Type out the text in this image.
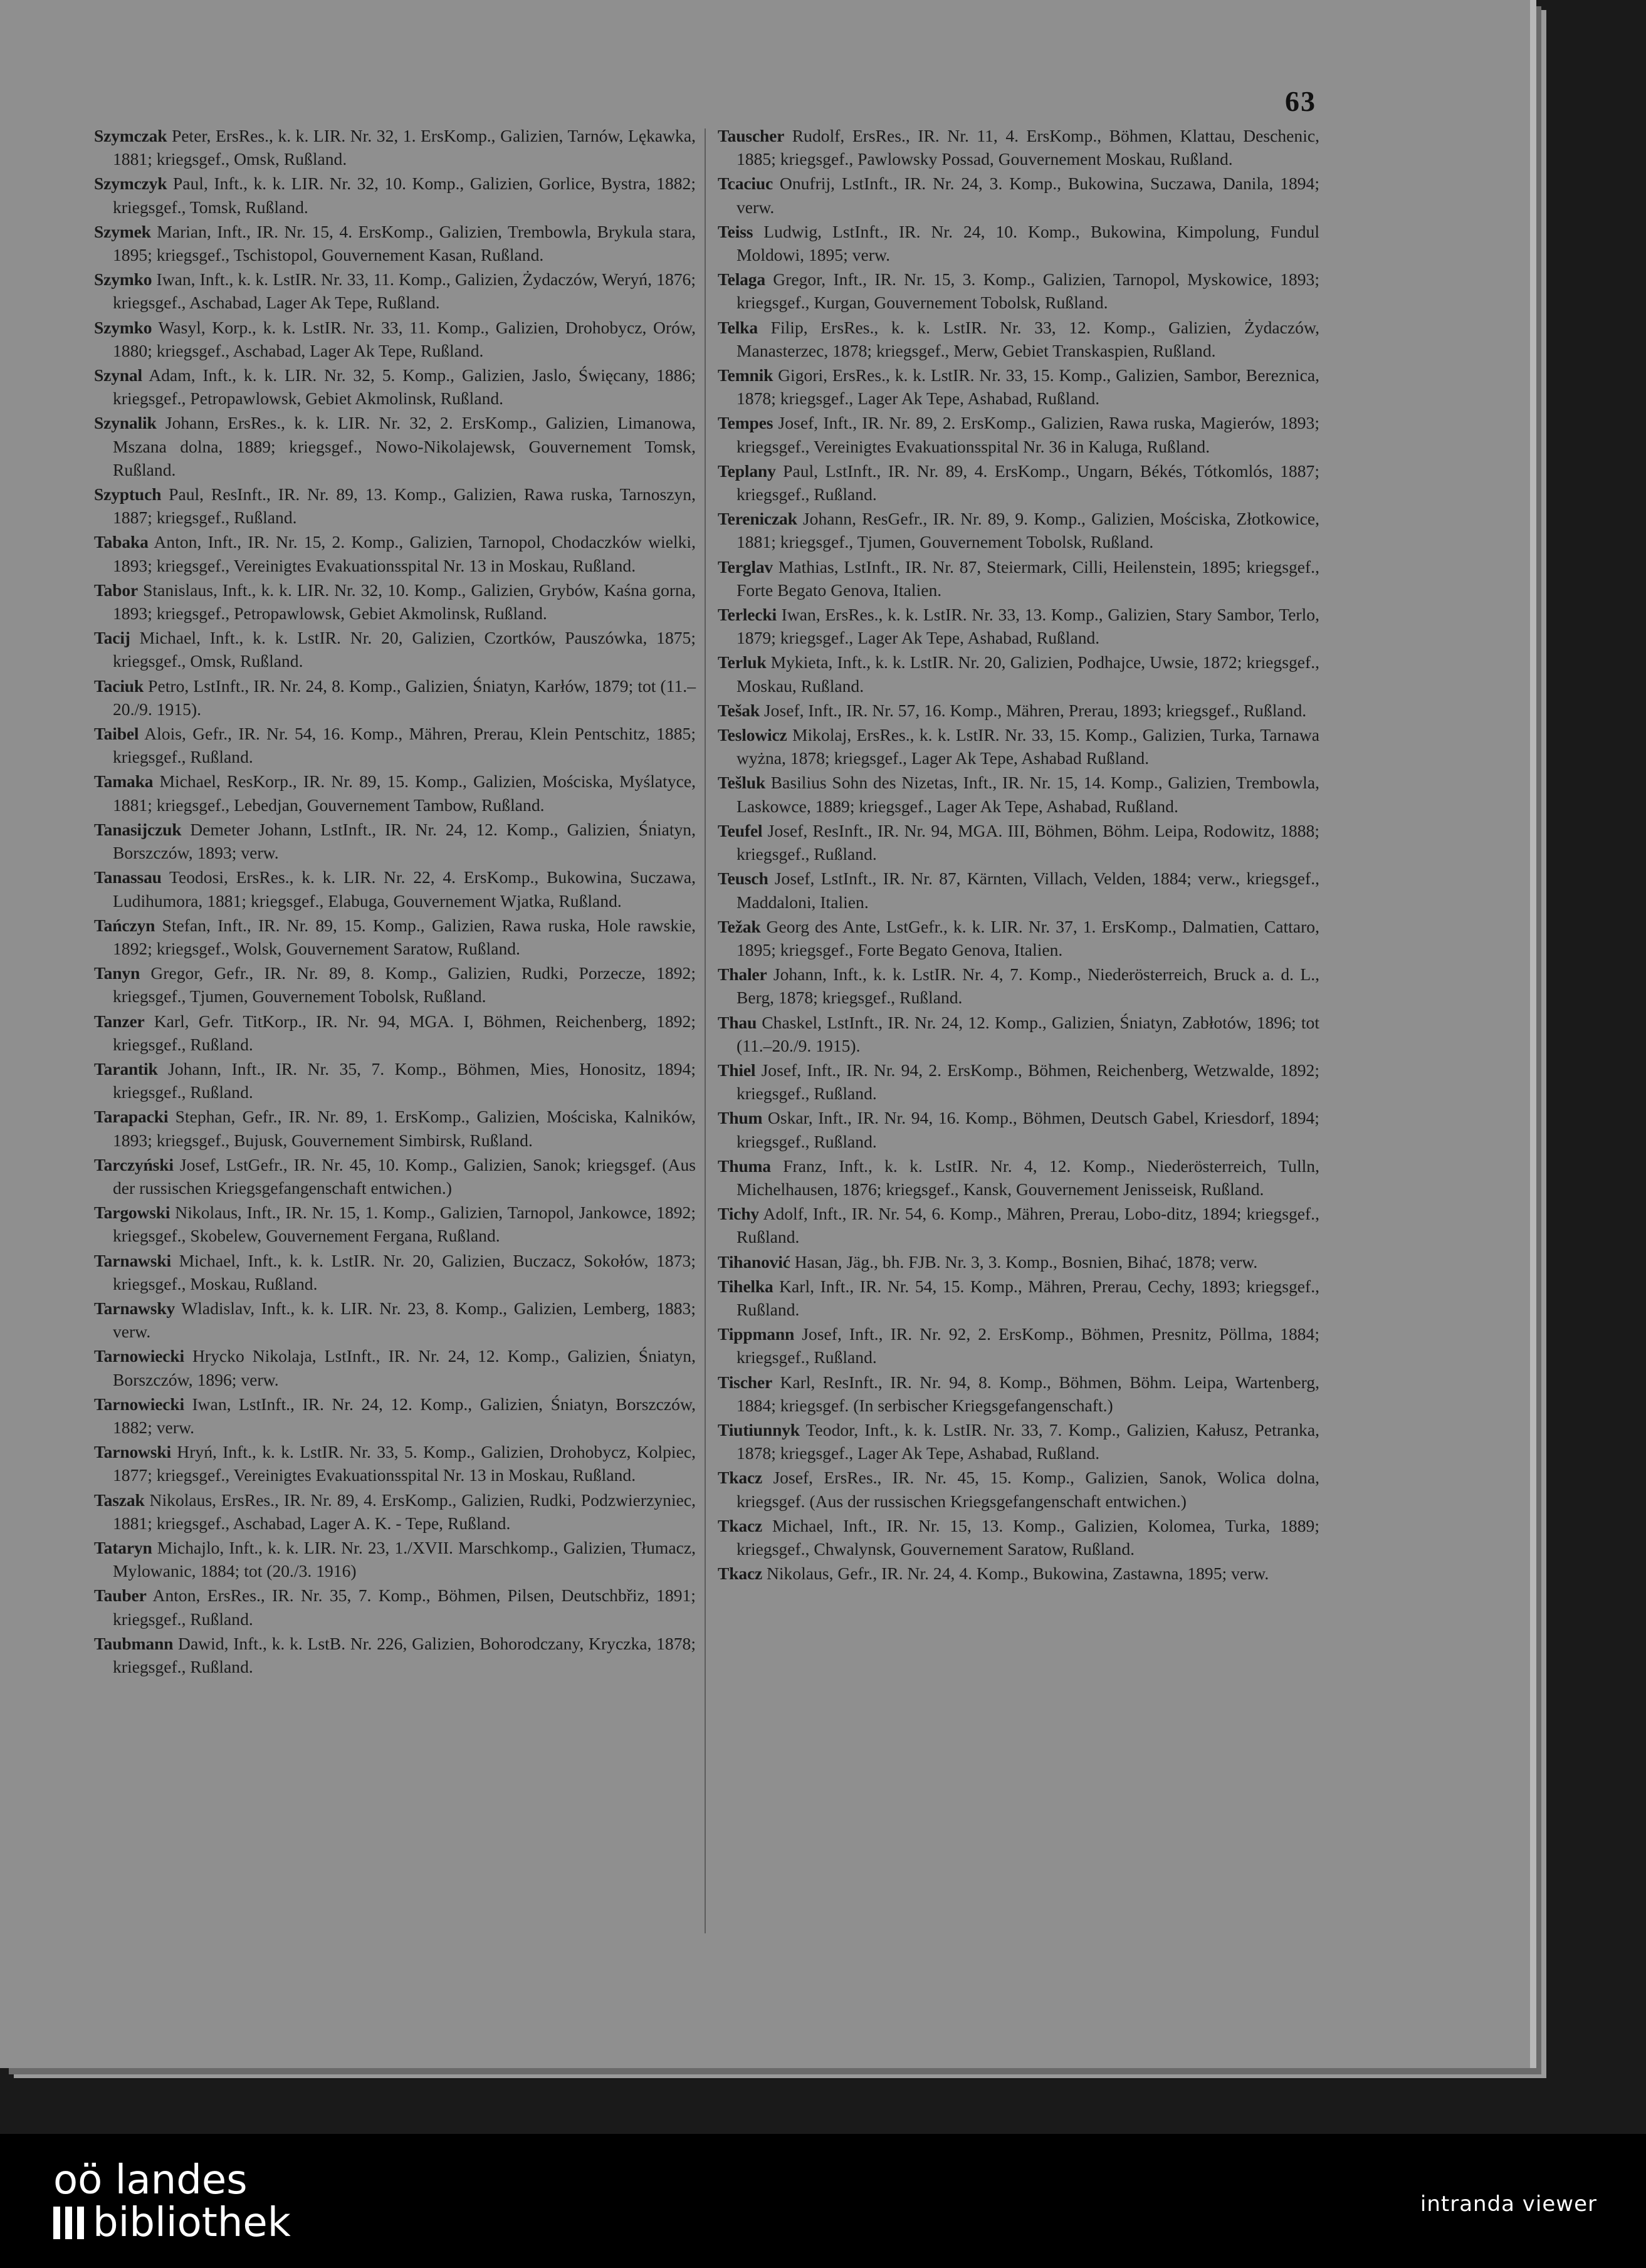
63

Szymczak Peter, ErsRes., k. k. LIR. Nr. 32, 1. ErsKomp., Galizien, Tarnów, Lękawka, 1881; kriegsgef., Omsk, Rußland.

Szymczyk Paul, Inft., k. k. LIR. Nr. 32, 10. Komp., Galizien, Gorlice, Bystra, 1882; kriegsgef., Tomsk, Rußland.

Szymek Marian, Inft., IR. Nr. 15, 4. ErsKomp., Galizien, Trembowla, Brykula stara, 1895; kriegsgef., Tschistopol, Gouvernement Kasan, Rußland.

Szymko Iwan, Inft., k. k. LstIR. Nr. 33, 11. Komp., Galizien, Żydaczów, Weryń, 1876; kriegsgef., Aschabad, Lager Ak Tepe, Rußland.

Szymko Wasyl, Korp., k. k. LstIR. Nr. 33, 11. Komp., Galizien, Drohobycz, Orów, 1880; kriegsgef., Aschabad, Lager Ak Tepe, Rußland.

Szynal Adam, Inft., k. k. LIR. Nr. 32, 5. Komp., Galizien, Jaslo, Święcany, 1886; kriegsgef., Petropawlowsk, Gebiet Akmolinsk, Rußland.

Szynalik Johann, ErsRes., k. k. LIR. Nr. 32, 2. ErsKomp., Galizien, Limanowa, Mszana dolna, 1889; kriegsgef., Nowo-Nikolajewsk, Gouvernement Tomsk, Rußland.

Szyptuch Paul, ResInft., IR. Nr. 89, 13. Komp., Galizien, Rawa ruska, Tarnoszyn, 1887; kriegsgef., Rußland.

Tabaka Anton, Inft., IR. Nr. 15, 2. Komp., Galizien, Tarnopol, Chodaczków wielki, 1893; kriegsgef., Vereinigtes Evakuationsspital Nr. 13 in Moskau, Rußland.

Tabor Stanislaus, Inft., k. k. LIR. Nr. 32, 10. Komp., Galizien, Grybów, Kaśna gorna, 1893; kriegsgef., Petropawlowsk, Gebiet Akmolinsk, Rußland.

Tacij Michael, Inft., k. k. LstIR. Nr. 20, Galizien, Czortków, Pauszówka, 1875; kriegsgef., Omsk, Rußland.

Taciuk Petro, LstInft., IR. Nr. 24, 8. Komp., Galizien, Śniatyn, Karłów, 1879; tot (11.–20./9. 1915).

Taibel Alois, Gefr., IR. Nr. 54, 16. Komp., Mähren, Prerau, Klein Pentschitz, 1885; kriegsgef., Rußland.

Tamaka Michael, ResKorp., IR. Nr. 89, 15. Komp., Galizien, Mościska, Myślatyce, 1881; kriegsgef., Lebedjan, Gouvernement Tambow, Rußland.

Tanasijczuk Demeter Johann, LstInft., IR. Nr. 24, 12. Komp., Galizien, Śniatyn, Borszczów, 1893; verw.

Tanassau Teodosi, ErsRes., k. k. LIR. Nr. 22, 4. ErsKomp., Bukowina, Suczawa, Ludihumora, 1881; kriegsgef., Elabuga, Gouvernement Wjatka, Rußland.

Tańczyn Stefan, Inft., IR. Nr. 89, 15. Komp., Galizien, Rawa ruska, Hole rawskie, 1892; kriegsgef., Wolsk, Gouvernement Saratow, Rußland.

Tanyn Gregor, Gefr., IR. Nr. 89, 8. Komp., Galizien, Rudki, Porzecze, 1892; kriegsgef., Tjumen, Gouvernement Tobolsk, Rußland.

Tanzer Karl, Gefr. TitKorp., IR. Nr. 94, MGA. I, Böhmen, Reichenberg, 1892; kriegsgef., Rußland.

Tarantik Johann, Inft., IR. Nr. 35, 7. Komp., Böhmen, Mies, Honositz, 1894; kriegsgef., Rußland.

Tarapacki Stephan, Gefr., IR. Nr. 89, 1. ErsKomp., Galizien, Mościska, Kalników, 1893; kriegsgef., Bujusk, Gouvernement Simbirsk, Rußland.

Tarczyński Josef, LstGefr., IR. Nr. 45, 10. Komp., Galizien, Sanok; kriegsgef. (Aus der russischen Kriegsgefangenschaft entwichen.)

Targowski Nikolaus, Inft., IR. Nr. 15, 1. Komp., Galizien, Tarnopol, Jankowce, 1892; kriegsgef., Skobelew, Gouvernement Fergana, Rußland.

Tarnawski Michael, Inft., k. k. LstIR. Nr. 20, Galizien, Buczacz, Sokołów, 1873; kriegsgef., Moskau, Rußland.

Tarnawsky Wladislav, Inft., k. k. LIR. Nr. 23, 8. Komp., Galizien, Lemberg, 1883; verw.

Tarnowiecki Hrycko Nikolaja, LstInft., IR. Nr. 24, 12. Komp., Galizien, Śniatyn, Borszczów, 1896; verw.

Tarnowiecki Iwan, LstInft., IR. Nr. 24, 12. Komp., Galizien, Śniatyn, Borszczów, 1882; verw.

Tarnowski Hryń, Inft., k. k. LstIR. Nr. 33, 5. Komp., Galizien, Drohobycz, Kolpiec, 1877; kriegsgef., Vereinigtes Evakuationsspital Nr. 13 in Moskau, Rußland.

Taszak Nikolaus, ErsRes., IR. Nr. 89, 4. ErsKomp., Galizien, Rudki, Podzwierzyniec, 1881; kriegsgef., Aschabad, Lager A. K. - Tepe, Rußland.

Tataryn Michajlo, Inft., k. k. LIR. Nr. 23, 1./XVII. Marschkomp., Galizien, Tłumacz, Mylowanic, 1884; tot (20./3. 1916)

Tauber Anton, ErsRes., IR. Nr. 35, 7. Komp., Böhmen, Pilsen, Deutschbřiz, 1891; kriegsgef., Rußland.

Taubmann Dawid, Inft., k. k. LstB. Nr. 226, Galizien, Bohorodczany, Kryczka, 1878; kriegsgef., Rußland.

Tauscher Rudolf, ErsRes., IR. Nr. 11, 4. ErsKomp., Böhmen, Klattau, Deschenic, 1885; kriegsgef., Pawlowsky Possad, Gouvernement Moskau, Rußland.

Tcaciuc Onufrij, LstInft., IR. Nr. 24, 3. Komp., Bukowina, Suczawa, Danila, 1894; verw.

Teiss Ludwig, LstInft., IR. Nr. 24, 10. Komp., Bukowina, Kimpolung, Fundul Moldowi, 1895; verw.

Telaga Gregor, Inft., IR. Nr. 15, 3. Komp., Galizien, Tarnopol, Myskowice, 1893; kriegsgef., Kurgan, Gouvernement Tobolsk, Rußland.

Telka Filip, ErsRes., k. k. LstIR. Nr. 33, 12. Komp., Galizien, Żydaczów, Manasterzec, 1878; kriegsgef., Merw, Gebiet Transkaspien, Rußland.

Temnik Gigori, ErsRes., k. k. LstIR. Nr. 33, 15. Komp., Galizien, Sambor, Bereznica, 1878; kriegsgef., Lager Ak Tepe, Ashabad, Rußland.

Tempes Josef, Inft., IR. Nr. 89, 2. ErsKomp., Galizien, Rawa ruska, Magierów, 1893; kriegsgef., Vereinigtes Evakuationsspital Nr. 36 in Kaluga, Rußland.

Teplany Paul, LstInft., IR. Nr. 89, 4. ErsKomp., Ungarn, Békés, Tótkomlós, 1887; kriegsgef., Rußland.

Tereniczak Johann, ResGefr., IR. Nr. 89, 9. Komp., Galizien, Mościska, Złotkowice, 1881; kriegsgef., Tjumen, Gouvernement Tobolsk, Rußland.

Terglav Mathias, LstInft., IR. Nr. 87, Steiermark, Cilli, Heilenstein, 1895; kriegsgef., Forte Begato Genova, Italien.

Terlecki Iwan, ErsRes., k. k. LstIR. Nr. 33, 13. Komp., Galizien, Stary Sambor, Terlo, 1879; kriegsgef., Lager Ak Tepe, Ashabad, Rußland.

Terluk Mykieta, Inft., k. k. LstIR. Nr. 20, Galizien, Podhajce, Uwsie, 1872; kriegsgef., Moskau, Rußland.

Tešak Josef, Inft., IR. Nr. 57, 16. Komp., Mähren, Prerau, 1893; kriegsgef., Rußland.

Teslowicz Mikolaj, ErsRes., k. k. LstIR. Nr. 33, 15. Komp., Galizien, Turka, Tarnawa wyżna, 1878; kriegsgef., Lager Ak Tepe, Ashabad Rußland.

Tešluk Basilius Sohn des Nizetas, Inft., IR. Nr. 15, 14. Komp., Galizien, Trembowla, Laskowce, 1889; kriegsgef., Lager Ak Tepe, Ashabad, Rußland.

Teufel Josef, ResInft., IR. Nr. 94, MGA. III, Böhmen, Böhm. Leipa, Rodowitz, 1888; kriegsgef., Rußland.

Teusch Josef, LstInft., IR. Nr. 87, Kärnten, Villach, Velden, 1884; verw., kriegsgef., Maddaloni, Italien.

Težak Georg des Ante, LstGefr., k. k. LIR. Nr. 37, 1. ErsKomp., Dalmatien, Cattaro, 1895; kriegsgef., Forte Begato Genova, Italien.

Thaler Johann, Inft., k. k. LstIR. Nr. 4, 7. Komp., Niederösterreich, Bruck a. d. L., Berg, 1878; kriegsgef., Rußland.

Thau Chaskel, LstInft., IR. Nr. 24, 12. Komp., Galizien, Śniatyn, Zabłotów, 1896; tot (11.–20./9. 1915).

Thiel Josef, Inft., IR. Nr. 94, 2. ErsKomp., Böhmen, Reichenberg, Wetzwalde, 1892; kriegsgef., Rußland.

Thum Oskar, Inft., IR. Nr. 94, 16. Komp., Böhmen, Deutsch Gabel, Kriesdorf, 1894; kriegsgef., Rußland.

Thuma Franz, Inft., k. k. LstIR. Nr. 4, 12. Komp., Niederösterreich, Tulln, Michelhausen, 1876; kriegsgef., Kansk, Gouvernement Jenisseisk, Rußland.

Tichy Adolf, Inft., IR. Nr. 54, 6. Komp., Mähren, Prerau, Lobo-ditz, 1894; kriegsgef., Rußland.

Tihanović Hasan, Jäg., bh. FJB. Nr. 3, 3. Komp., Bosnien, Bihać, 1878; verw.

Tihelka Karl, Inft., IR. Nr. 54, 15. Komp., Mähren, Prerau, Cechy, 1893; kriegsgef., Rußland.

Tippmann Josef, Inft., IR. Nr. 92, 2. ErsKomp., Böhmen, Presnitz, Pöllma, 1884; kriegsgef., Rußland.

Tischer Karl, ResInft., IR. Nr. 94, 8. Komp., Böhmen, Böhm. Leipa, Wartenberg, 1884; kriegsgef. (In serbischer Kriegsgefangenschaft.)

Tiutiunnyk Teodor, Inft., k. k. LstIR. Nr. 33, 7. Komp., Galizien, Kałusz, Petranka, 1878; kriegsgef., Lager Ak Tepe, Ashabad, Rußland.

Tkacz Josef, ErsRes., IR. Nr. 45, 15. Komp., Galizien, Sanok, Wolica dolna, kriegsgef. (Aus der russischen Kriegsgefangenschaft entwichen.)

Tkacz Michael, Inft., IR. Nr. 15, 13. Komp., Galizien, Kolomea, Turka, 1889; kriegsgef., Chwalynsk, Gouvernement Saratow, Rußland.

Tkacz Nikolaus, Gefr., IR. Nr. 24, 4. Komp., Bukowina, Zastawna, 1895; verw.

oö landes
bibliothek	intranda viewer
